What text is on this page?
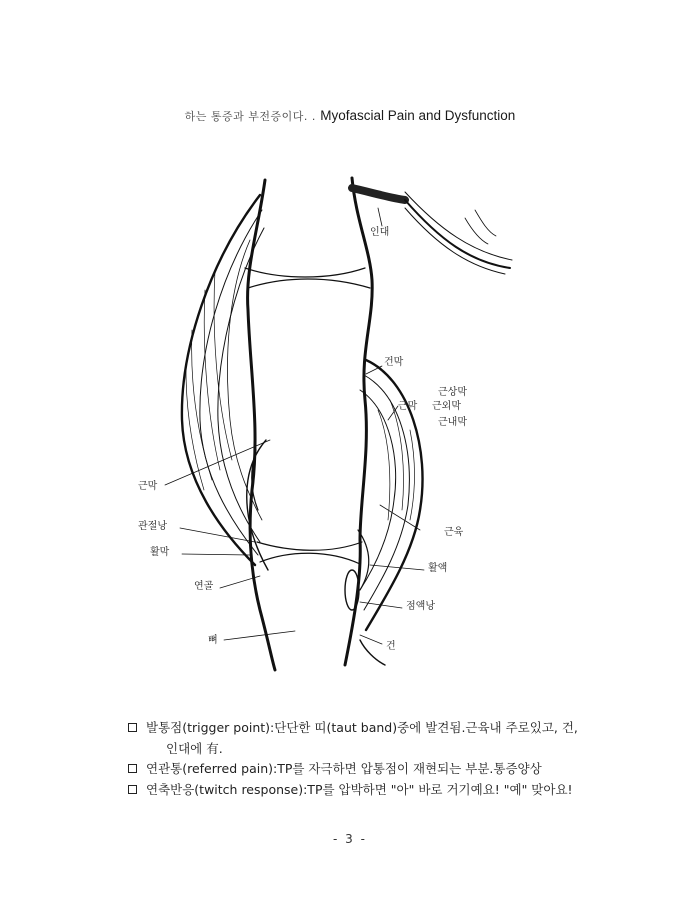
하는 통증과 부전증이다. . Myofascial Pain and Dysfunction
인대
건막
근상막
근막 근외막
근내막
근막
관절낭
활막
연골
근육
활액
점액낭
뼈
건
발통점(trigger point):단단한 띠(taut band)중에 발견됨.근육내 주로있고, 건,
인대에 有.
연관통(referred pain):TP를 자극하면 압통점이 재현되는 부분.통증양상
연축반응(twitch response):TP를 압박하면 "아" 바로 거기예요! "예" 맞아요!
- 3 -
